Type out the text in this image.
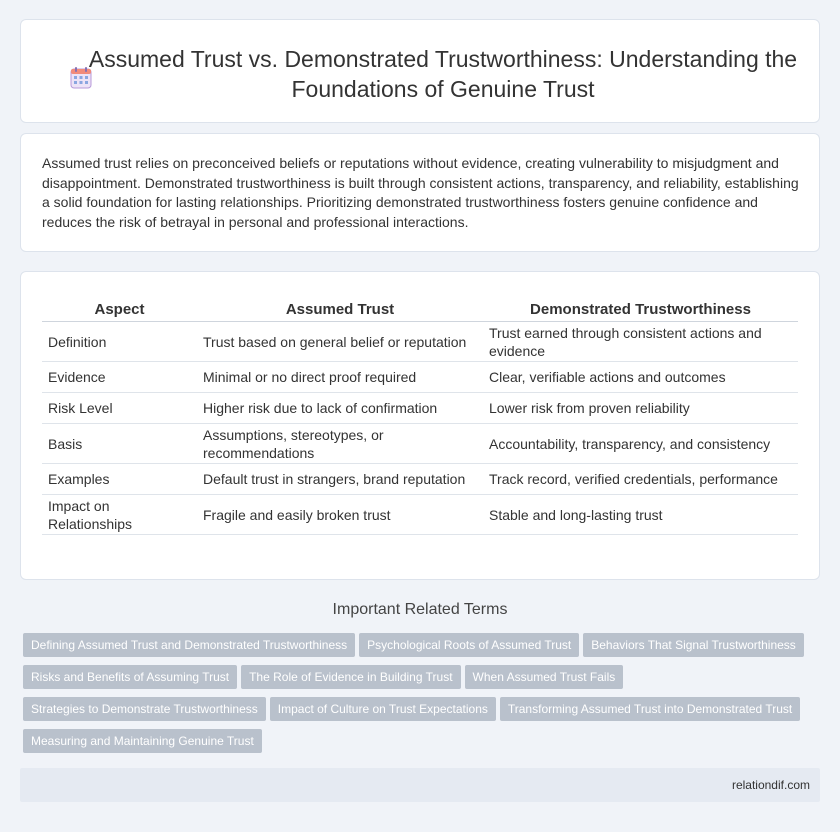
Assumed Trust vs. Demonstrated Trustworthiness: Understanding the Foundations of Genuine Trust

Assumed trust relies on preconceived beliefs or reputations without evidence, creating vulnerability to misjudgment and disappointment. Demonstrated trustworthiness is built through consistent actions, transparency, and reliability, establishing a solid foundation for lasting relationships. Prioritizing demonstrated trustworthiness fosters genuine confidence and reduces the risk of betrayal in personal and professional interactions.

Aspect	Assumed Trust	Demonstrated Trustworthiness
Definition	Trust based on general belief or reputation	Trust earned through consistent actions and evidence
Evidence	Minimal or no direct proof required	Clear, verifiable actions and outcomes
Risk Level	Higher risk due to lack of confirmation	Lower risk from proven reliability
Basis	Assumptions, stereotypes, or recommendations	Accountability, transparency, and consistency
Examples	Default trust in strangers, brand reputation	Track record, verified credentials, performance
Impact on Relationships	Fragile and easily broken trust	Stable and long-lasting trust
Important Related Terms
Defining Assumed Trust and Demonstrated Trustworthiness Psychological Roots of Assumed Trust Behaviors That Signal Trustworthiness
Risks and Benefits of Assuming Trust The Role of Evidence in Building Trust When Assumed Trust Fails
Strategies to Demonstrate Trustworthiness Impact of Culture on Trust Expectations Transforming Assumed Trust into Demonstrated Trust
Measuring and Maintaining Genuine Trust
relationdif.com
